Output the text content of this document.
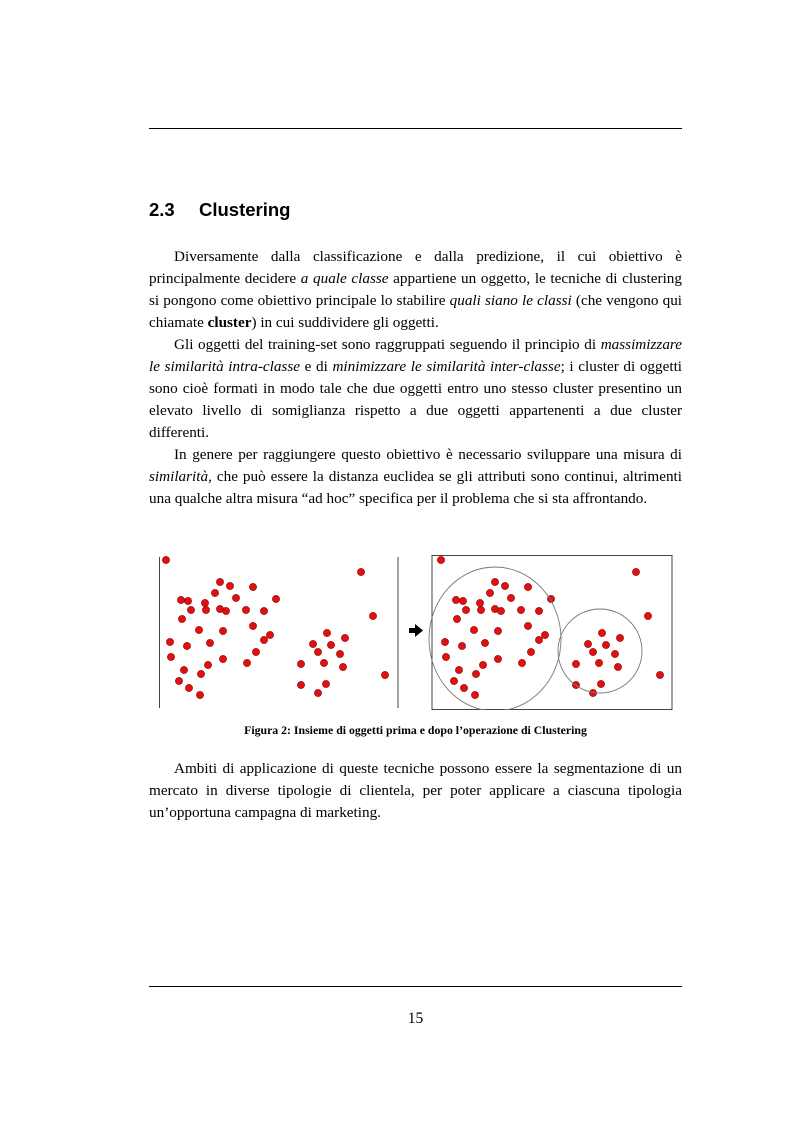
2.3 Clustering

Diversamente dalla classificazione e dalla predizione, il cui obiettivo è principalmente decidere a quale classe appartiene un oggetto, le tecniche di clustering si pongono come obiettivo principale lo stabilire quali siano le classi (che vengono qui chiamate cluster) in cui suddividere gli oggetti.

Gli oggetti del training-set sono raggruppati seguendo il principio di massimizzare le similarità intra-classe e di minimizzare le similarità inter-classe; i cluster di oggetti sono cioè formati in modo tale che due oggetti entro uno stesso cluster presentino un elevato livello di somiglianza rispetto a due oggetti appartenenti a due cluster differenti.

In genere per raggiungere questo obiettivo è necessario sviluppare una misura di similarità, che può essere la distanza euclidea se gli attributi sono continui, altrimenti una qualche altra misura “ad hoc” specifica per il problema che si sta affrontando.

Figura 2: Insieme di oggetti prima e dopo l’operazione di Clustering

Ambiti di applicazione di queste tecniche possono essere la segmentazione di un mercato in diverse tipologie di clientela, per poter applicare a ciascuna tipologia un’opportuna campagna di marketing.

15
